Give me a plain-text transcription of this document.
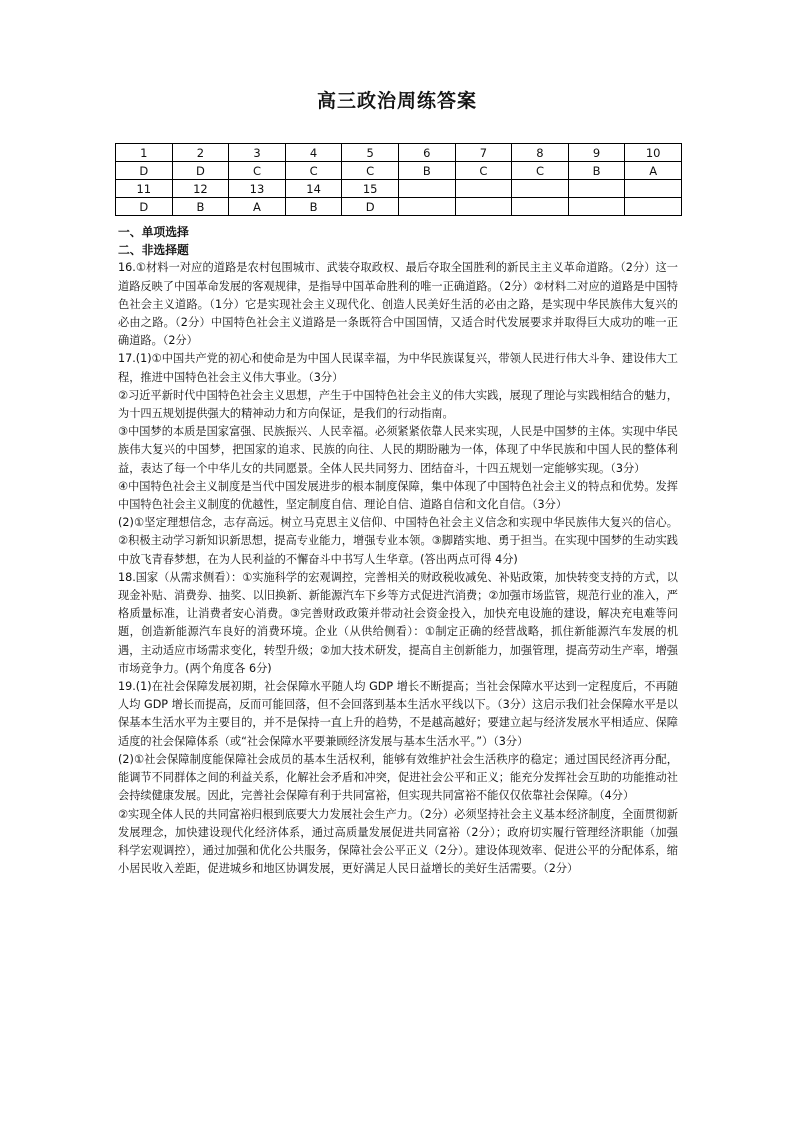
高三政治周练答案
1	2	3	4	5	6	7	8	9	10
D	D	C	C	C	B	C	C	B	A
11	12	13	14	15					
D	B	A	B	D					

一、单项选择

二、非选择题

16.①材料一对应的道路是农村包围城市、武装夺取政权、最后夺取全国胜利的新民主主义革命道路。（2分）这一道路反映了中国革命发展的客观规律，是指导中国革命胜利的唯一正确道路。（2分）②材料二对应的道路是中国特色社会主义道路。（1分）它是实现社会主义现代化、创造人民美好生活的必由之路，是实现中华民族伟大复兴的必由之路。（2分）中国特色社会主义道路是一条既符合中国国情，又适合时代发展要求并取得巨大成功的唯一正确道路。（2分）

17.(1)①中国共产党的初心和使命是为中国人民谋幸福，为中华民族谋复兴，带领人民进行伟大斗争、建设伟大工程，推进中国特色社会主义伟大事业。（3分）

②习近平新时代中国特色社会主义思想，产生于中国特色社会主义的伟大实践，展现了理论与实践相结合的魅力，为十四五规划提供强大的精神动力和方向保证，是我们的行动指南。

③中国梦的本质是国家富强、民族振兴、人民幸福。必须紧紧依靠人民来实现，人民是中国梦的主体。实现中华民族伟大复兴的中国梦，把国家的追求、民族的向往、人民的期盼融为一体，体现了中华民族和中国人民的整体利益，表达了每一个中华儿女的共同愿景。全体人民共同努力、团结奋斗，十四五规划一定能够实现。（3分）

④中国特色社会主义制度是当代中国发展进步的根本制度保障，集中体现了中国特色社会主义的特点和优势。发挥中国特色社会主义制度的优越性，坚定制度自信、理论自信、道路自信和文化自信。（3分）

(2)①坚定理想信念，志存高远。树立马克思主义信仰、中国特色社会主义信念和实现中华民族伟大复兴的信心。②积极主动学习新知识新思想，提高专业能力，增强专业本领。③脚踏实地、勇于担当。在实现中国梦的生动实践中放飞青春梦想，在为人民利益的不懈奋斗中书写人生华章。(答出两点可得 4分)

18.国家（从需求侧看）：①实施科学的宏观调控，完善相关的财政税收减免、补贴政策，加快转变支持的方式，以现金补贴、消费券、抽奖、以旧换新、新能源汽车下乡等方式促进汽消费；②加强市场监管，规范行业的准入，严格质量标准，让消费者安心消费。③完善财政政策并带动社会资金投入，加快充电设施的建设，解决充电难等问题，创造新能源汽车良好的消费环境。企业（从供给侧看）：①制定正确的经营战略，抓住新能源汽车发展的机遇，主动适应市场需求变化，转型升级；②加大技术研发，提高自主创新能力，加强管理，提高劳动生产率，增强市场竞争力。(两个角度各 6分)

19.(1)在社会保障发展初期，社会保障水平随人均 GDP 增长不断提高；当社会保障水平达到一定程度后，不再随人均 GDP 增长而提高，反而可能回落，但不会回落到基本生活水平线以下。（3分）这启示我们社会保障水平是以保基本生活水平为主要目的，并不是保持一直上升的趋势，不是越高越好；要建立起与经济发展水平相适应、保障适度的社会保障体系（或“社会保障水平要兼顾经济发展与基本生活水平。”）（3分）

(2)①社会保障制度能保障社会成员的基本生活权利，能够有效维护社会生活秩序的稳定；通过国民经济再分配，能调节不同群体之间的利益关系，化解社会矛盾和冲突，促进社会公平和正义；能充分发挥社会互助的功能推动社会持续健康发展。因此，完善社会保障有利于共同富裕，但实现共同富裕不能仅仅依靠社会保障。（4分）

②实现全体人民的共同富裕归根到底要大力发展社会生产力。（2分）必须坚持社会主义基本经济制度，全面贯彻新发展理念，加快建设现代化经济体系，通过高质量发展促进共同富裕（2分）；政府切实履行管理经济职能（加强科学宏观调控），通过加强和优化公共服务，保障社会公平正义（2分）。建设体现效率、促进公平的分配体系，缩小居民收入差距，促进城乡和地区协调发展，更好满足人民日益增长的美好生活需要。（2分）
